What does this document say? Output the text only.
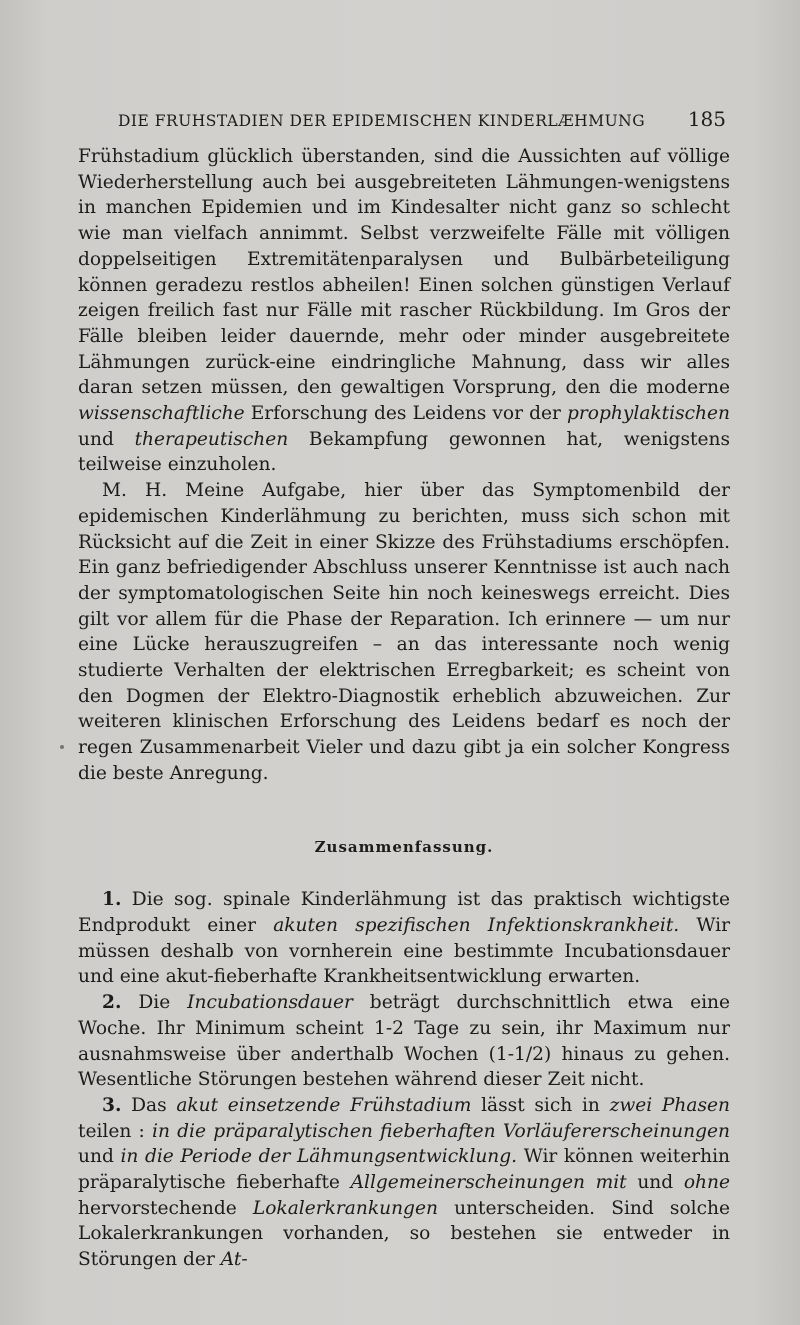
DIE FRUHSTADIEN DER EPIDEMISCHEN KINDERLÆHMUNG 185

Frühstadium glücklich überstanden, sind die Aussichten auf völlige Wiederherstellung auch bei ausgebreiteten Lähmungen-wenigstens in manchen Epidemien und im Kindesalter nicht ganz so schlecht wie man vielfach annimmt. Selbst verzweifelte Fälle mit völligen doppelseitigen Extremitätenparalysen und Bulbärbeteiligung können geradezu restlos abheilen! Einen solchen günstigen Verlauf zeigen freilich fast nur Fälle mit rascher Rückbildung. Im Gros der Fälle bleiben leider dauernde, mehr oder minder ausgebreitete Lähmungen zurück-eine eindringliche Mahnung, dass wir alles daran setzen müssen, den gewaltigen Vorsprung, den die moderne wissenschaftliche Erforschung des Leidens vor der prophylaktischen und therapeutischen Bekampfung gewonnen hat, wenigstens teilweise einzuholen.

M. H. Meine Aufgabe, hier über das Symptomenbild der epidemischen Kinderlähmung zu berichten, muss sich schon mit Rücksicht auf die Zeit in einer Skizze des Frühstadiums erschöpfen. Ein ganz befriedigender Abschluss unserer Kenntnisse ist auch nach der symptomatologischen Seite hin noch keineswegs erreicht. Dies gilt vor allem für die Phase der Reparation. Ich erinnere — um nur eine Lücke herauszugreifen – an das interessante noch wenig studierte Verhalten der elektrischen Erregbarkeit; es scheint von den Dogmen der Elektro-Diagnostik erheblich abzuweichen. Zur weiteren klinischen Erforschung des Leidens bedarf es noch der regen Zusammenarbeit Vieler und dazu gibt ja ein solcher Kongress die beste Anregung.

Zusammenfassung.

1. Die sog. spinale Kinderlähmung ist das praktisch wichtigste Endprodukt einer akuten spezifischen Infektionskrankheit. Wir müssen deshalb von vornherein eine bestimmte Incubationsdauer und eine akut-fieberhafte Krankheitsentwicklung erwarten.

2. Die Incubationsdauer beträgt durchschnittlich etwa eine Woche. Ihr Minimum scheint 1-2 Tage zu sein, ihr Maximum nur ausnahmsweise über anderthalb Wochen (1-1/2) hinaus zu gehen. Wesentliche Störungen bestehen während dieser Zeit nicht.

3. Das akut einsetzende Frühstadium lässt sich in zwei Phasen teilen : in die präparalytischen fieberhaften Vorläufererscheinungen und in die Periode der Lähmungsentwicklung. Wir können weiterhin präparalytische fieberhafte Allgemeinerscheinungen mit und ohne hervorstechende Lokalerkrankungen unterscheiden. Sind solche Lokalerkrankungen vorhanden, so bestehen sie entweder in Störungen der At-
